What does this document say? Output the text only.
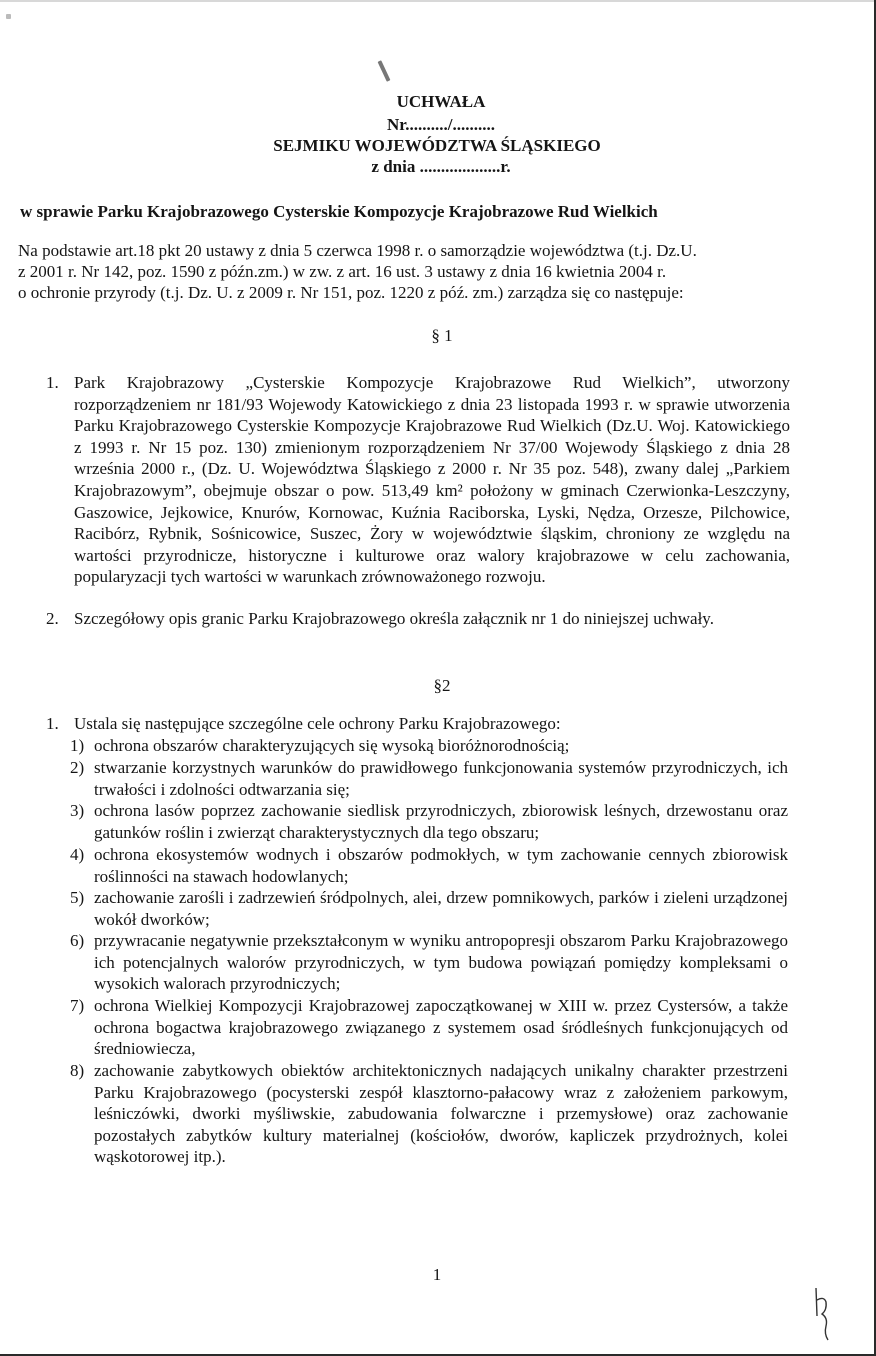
UCHWAŁA
Nr........../..........
SEJMIKU WOJEWÓDZTWA ŚLĄSKIEGO
z dnia ...................r.
w sprawie Parku Krajobrazowego Cysterskie Kompozycje Krajobrazowe Rud Wielkich
Na podstawie art.18 pkt 20 ustawy z dnia 5 czerwca 1998 r. o samorządzie województwa (t.j. Dz.U.
z 2001 r. Nr 142, poz. 1590 z późn.zm.) w zw. z art. 16 ust. 3 ustawy z dnia 16 kwietnia 2004 r.
o ochronie przyrody (t.j. Dz. U. z 2009 r. Nr 151, poz. 1220 z póź. zm.) zarządza się co następuje:
§ 1
1. Park Krajobrazowy „Cysterskie Kompozycje Krajobrazowe Rud Wielkich”, utworzony rozporządzeniem nr 181/93 Wojewody Katowickiego z dnia 23 listopada 1993 r. w sprawie utworzenia Parku Krajobrazowego Cysterskie Kompozycje Krajobrazowe Rud Wielkich (Dz.U. Woj. Katowickiego z 1993 r. Nr 15 poz. 130) zmienionym rozporządzeniem Nr 37/00 Wojewody Śląskiego z dnia 28 września 2000 r., (Dz. U. Województwa Śląskiego z 2000 r. Nr 35 poz. 548), zwany dalej „Parkiem Krajobrazowym”, obejmuje obszar o pow. 513,49 km² położony w gminach Czerwionka-Leszczyny, Gaszowice, Jejkowice, Knurów, Kornowac, Kuźnia Raciborska, Lyski, Nędza, Orzesze, Pilchowice, Racibórz, Rybnik, Sośnicowice, Suszec, Żory w województwie śląskim, chroniony ze względu na wartości przyrodnicze, historyczne i kulturowe oraz walory krajobrazowe w celu zachowania, popularyzacji tych wartości w warunkach zrównoważonego rozwoju.
2. Szczegółowy opis granic Parku Krajobrazowego określa załącznik nr 1 do niniejszej uchwały.
§2
1. Ustala się następujące szczególne cele ochrony Parku Krajobrazowego:
1) ochrona obszarów charakteryzujących się wysoką bioróżnorodnością;
2) stwarzanie korzystnych warunków do prawidłowego funkcjonowania systemów przyrodniczych, ich trwałości i zdolności odtwarzania się;
3) ochrona lasów poprzez zachowanie siedlisk przyrodniczych, zbiorowisk leśnych, drzewostanu oraz gatunków roślin i zwierząt charakterystycznych dla tego obszaru;
4) ochrona ekosystemów wodnych i obszarów podmokłych, w tym zachowanie cennych zbiorowisk roślinności na stawach hodowlanych;
5) zachowanie zarośli i zadrzewień śródpolnych, alei, drzew pomnikowych, parków i zieleni urządzonej wokół dworków;
6) przywracanie negatywnie przekształconym w wyniku antropopresji obszarom Parku Krajobrazowego ich potencjalnych walorów przyrodniczych, w tym budowa powiązań pomiędzy kompleksami o wysokich walorach przyrodniczych;
7) ochrona Wielkiej Kompozycji Krajobrazowej zapoczątkowanej w XIII w. przez Cystersów, a także ochrona bogactwa krajobrazowego związanego z systemem osad śródleśnych funkcjonujących od średniowiecza,
8) zachowanie zabytkowych obiektów architektonicznych nadających unikalny charakter przestrzeni Parku Krajobrazowego (pocysterski zespół klasztorno-pałacowy wraz z założeniem parkowym, leśniczówki, dworki myśliwskie, zabudowania folwarczne i przemysłowe) oraz zachowanie pozostałych zabytków kultury materialnej (kościołów, dworów, kapliczek przydrożnych, kolei wąskotorowej itp.).
1
